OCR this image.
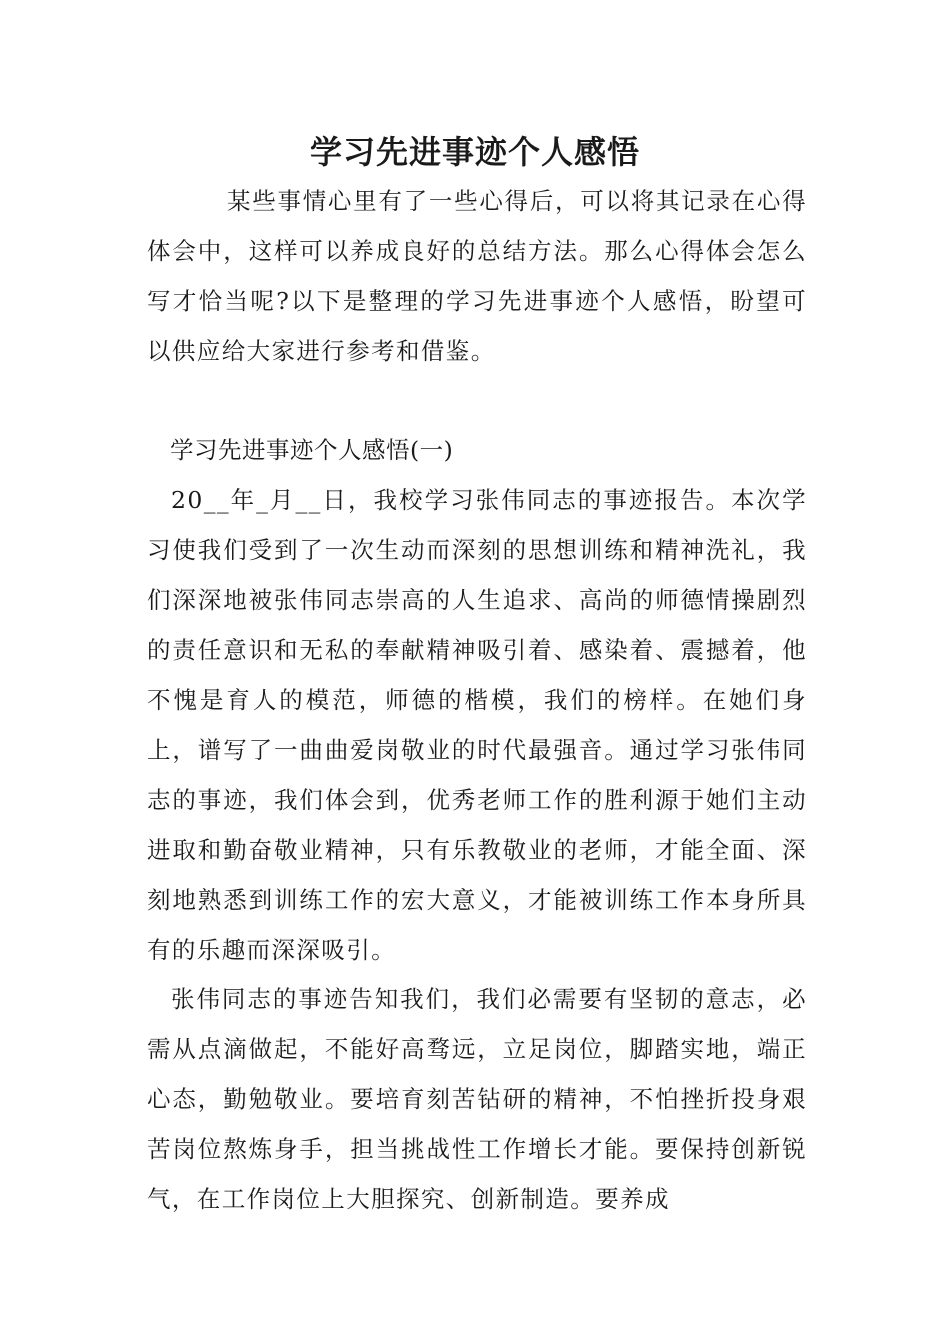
学习先进事迹个人感悟

某些事情心里有了一些心得后，可以将其记录在心得体会中，这样可以养成良好的总结方法。那么心得体会怎么写才恰当呢?以下是整理的学习先进事迹个人感悟，盼望可以供应给大家进行参考和借鉴。

学习先进事迹个人感悟(一)

20__年_月__日，我校学习张伟同志的事迹报告。本次学习使我们受到了一次生动而深刻的思想训练和精神洗礼，我们深深地被张伟同志崇高的人生追求、高尚的师德情操剧烈的责任意识和无私的奉献精神吸引着、感染着、震撼着，他不愧是育人的模范，师德的楷模，我们的榜样。在她们身上，谱写了一曲曲爱岗敬业的时代最强音。通过学习张伟同志的事迹，我们体会到，优秀老师工作的胜利源于她们主动进取和勤奋敬业精神，只有乐教敬业的老师，才能全面、深刻地熟悉到训练工作的宏大意义，才能被训练工作本身所具有的乐趣而深深吸引。

张伟同志的事迹告知我们，我们必需要有坚韧的意志，必需从点滴做起，不能好高骛远，立足岗位，脚踏实地，端正心态，勤勉敬业。要培育刻苦钻研的精神，不怕挫折投身艰苦岗位熬炼身手，担当挑战性工作增长才能。要保持创新锐气，在工作岗位上大胆探究、创新制造。要养成
